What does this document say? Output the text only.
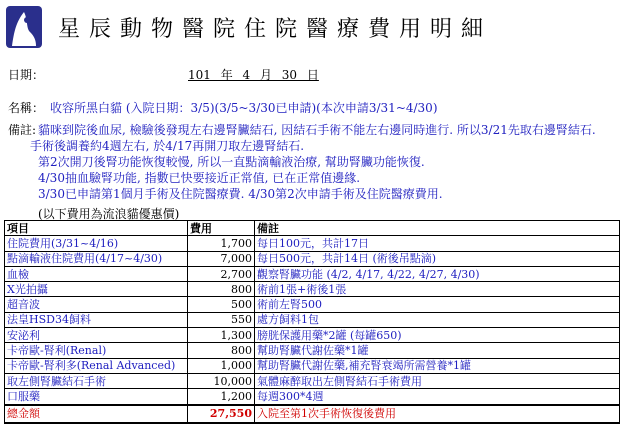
星辰動物醫院住院醫療費用明細
日期：	101 年 4 月 30 日
名稱： 收容所黑白貓 (入院日期：3/5)(3/5~3/30已申請)(本次申請3/31~4/30)
備註: 貓咪到院後血尿, 檢驗後發現左右邊腎臟結石, 因結石手術不能左右邊同時進行. 所以3/21先取右邊腎結石.
手術後調養約4週左右, 於4/17再開刀取左邊腎結石.
第2次開刀後腎功能恢復較慢, 所以一直點滴輸液治療, 幫助腎臟功能恢復.
4/30抽血驗腎功能, 指數已快要接近正常值, 已在正常值邊緣.
3/30已申請第1個月手術及住院醫療費. 4/30第2次申請手術及住院醫療費用.
(以下費用為流浪貓優惠價)
項目	費用	備註
住院費用(3/31~4/16)	1,700	每日100元，共計17日
點滴輸液住院費用(4/17~4/30)	7,000	每日500元，共計14日 (術後吊點滴)
血檢	2,700	觀察腎臟功能 (4/2, 4/17, 4/22, 4/27, 4/30)
X光拍攝	800	術前1張+術後1張
超音波	500	術前左腎500
法皇HSD34飼料	550	處方飼料1包
安泌利	1,300	膀胱保護用藥*2罐 (每罐650)
卡帝歐-腎利(Renal)	800	幫助腎臟代謝佐藥*1罐
卡帝歐-腎利多(Renal Advanced)	1,000	幫助腎臟代謝佐藥,補充腎衰竭所需營養*1罐
取左側腎臟結石手術	10,000	氣體麻醉取出左側腎結石手術費用
口服藥	1,200	每週300*4週
總金額	27,550	入院至第1次手術恢復後費用
